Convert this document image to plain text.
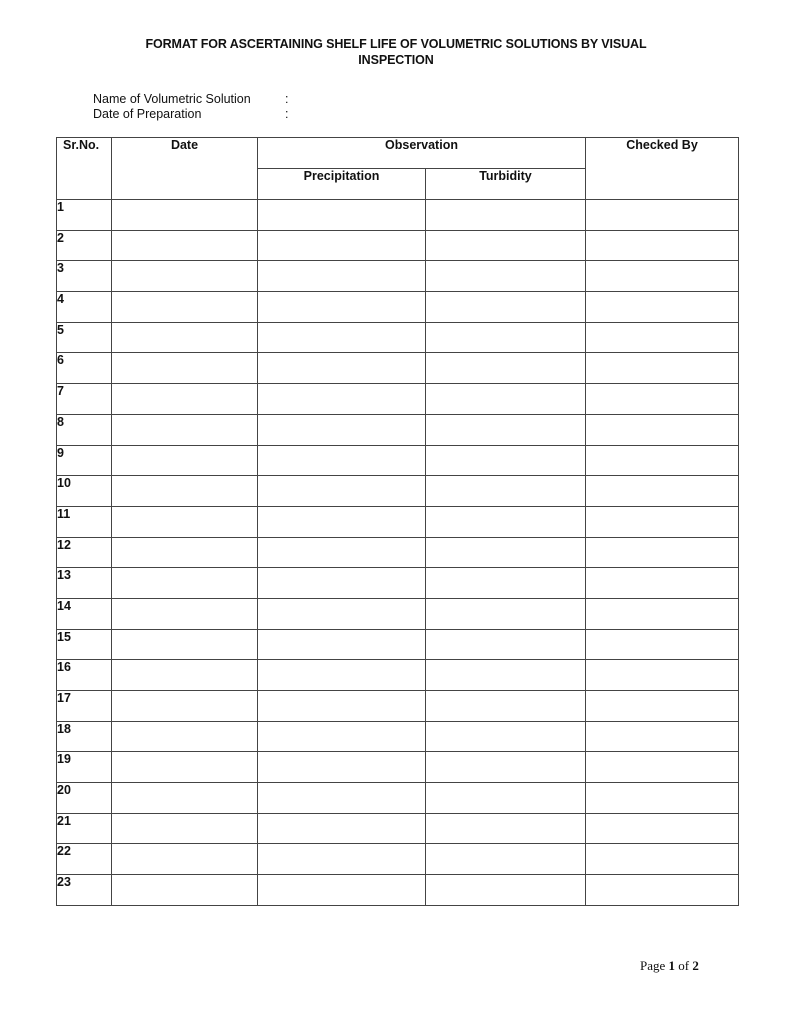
FORMAT FOR ASCERTAINING SHELF LIFE OF VOLUMETRIC SOLUTIONS BY VISUAL
INSPECTION
Name of Volumetric Solution	:
Date of Preparation	:
Sr.No.	Date	Observation		Checked By
		Precipitation	Turbidity	
1				
2				
3				
4				
5				
6				
7				
8				
9				
10				
11				
12				
13				
14				
15				
16				
17				
18				
19				
20				
21				
22				
23				
Page 1 of 2
